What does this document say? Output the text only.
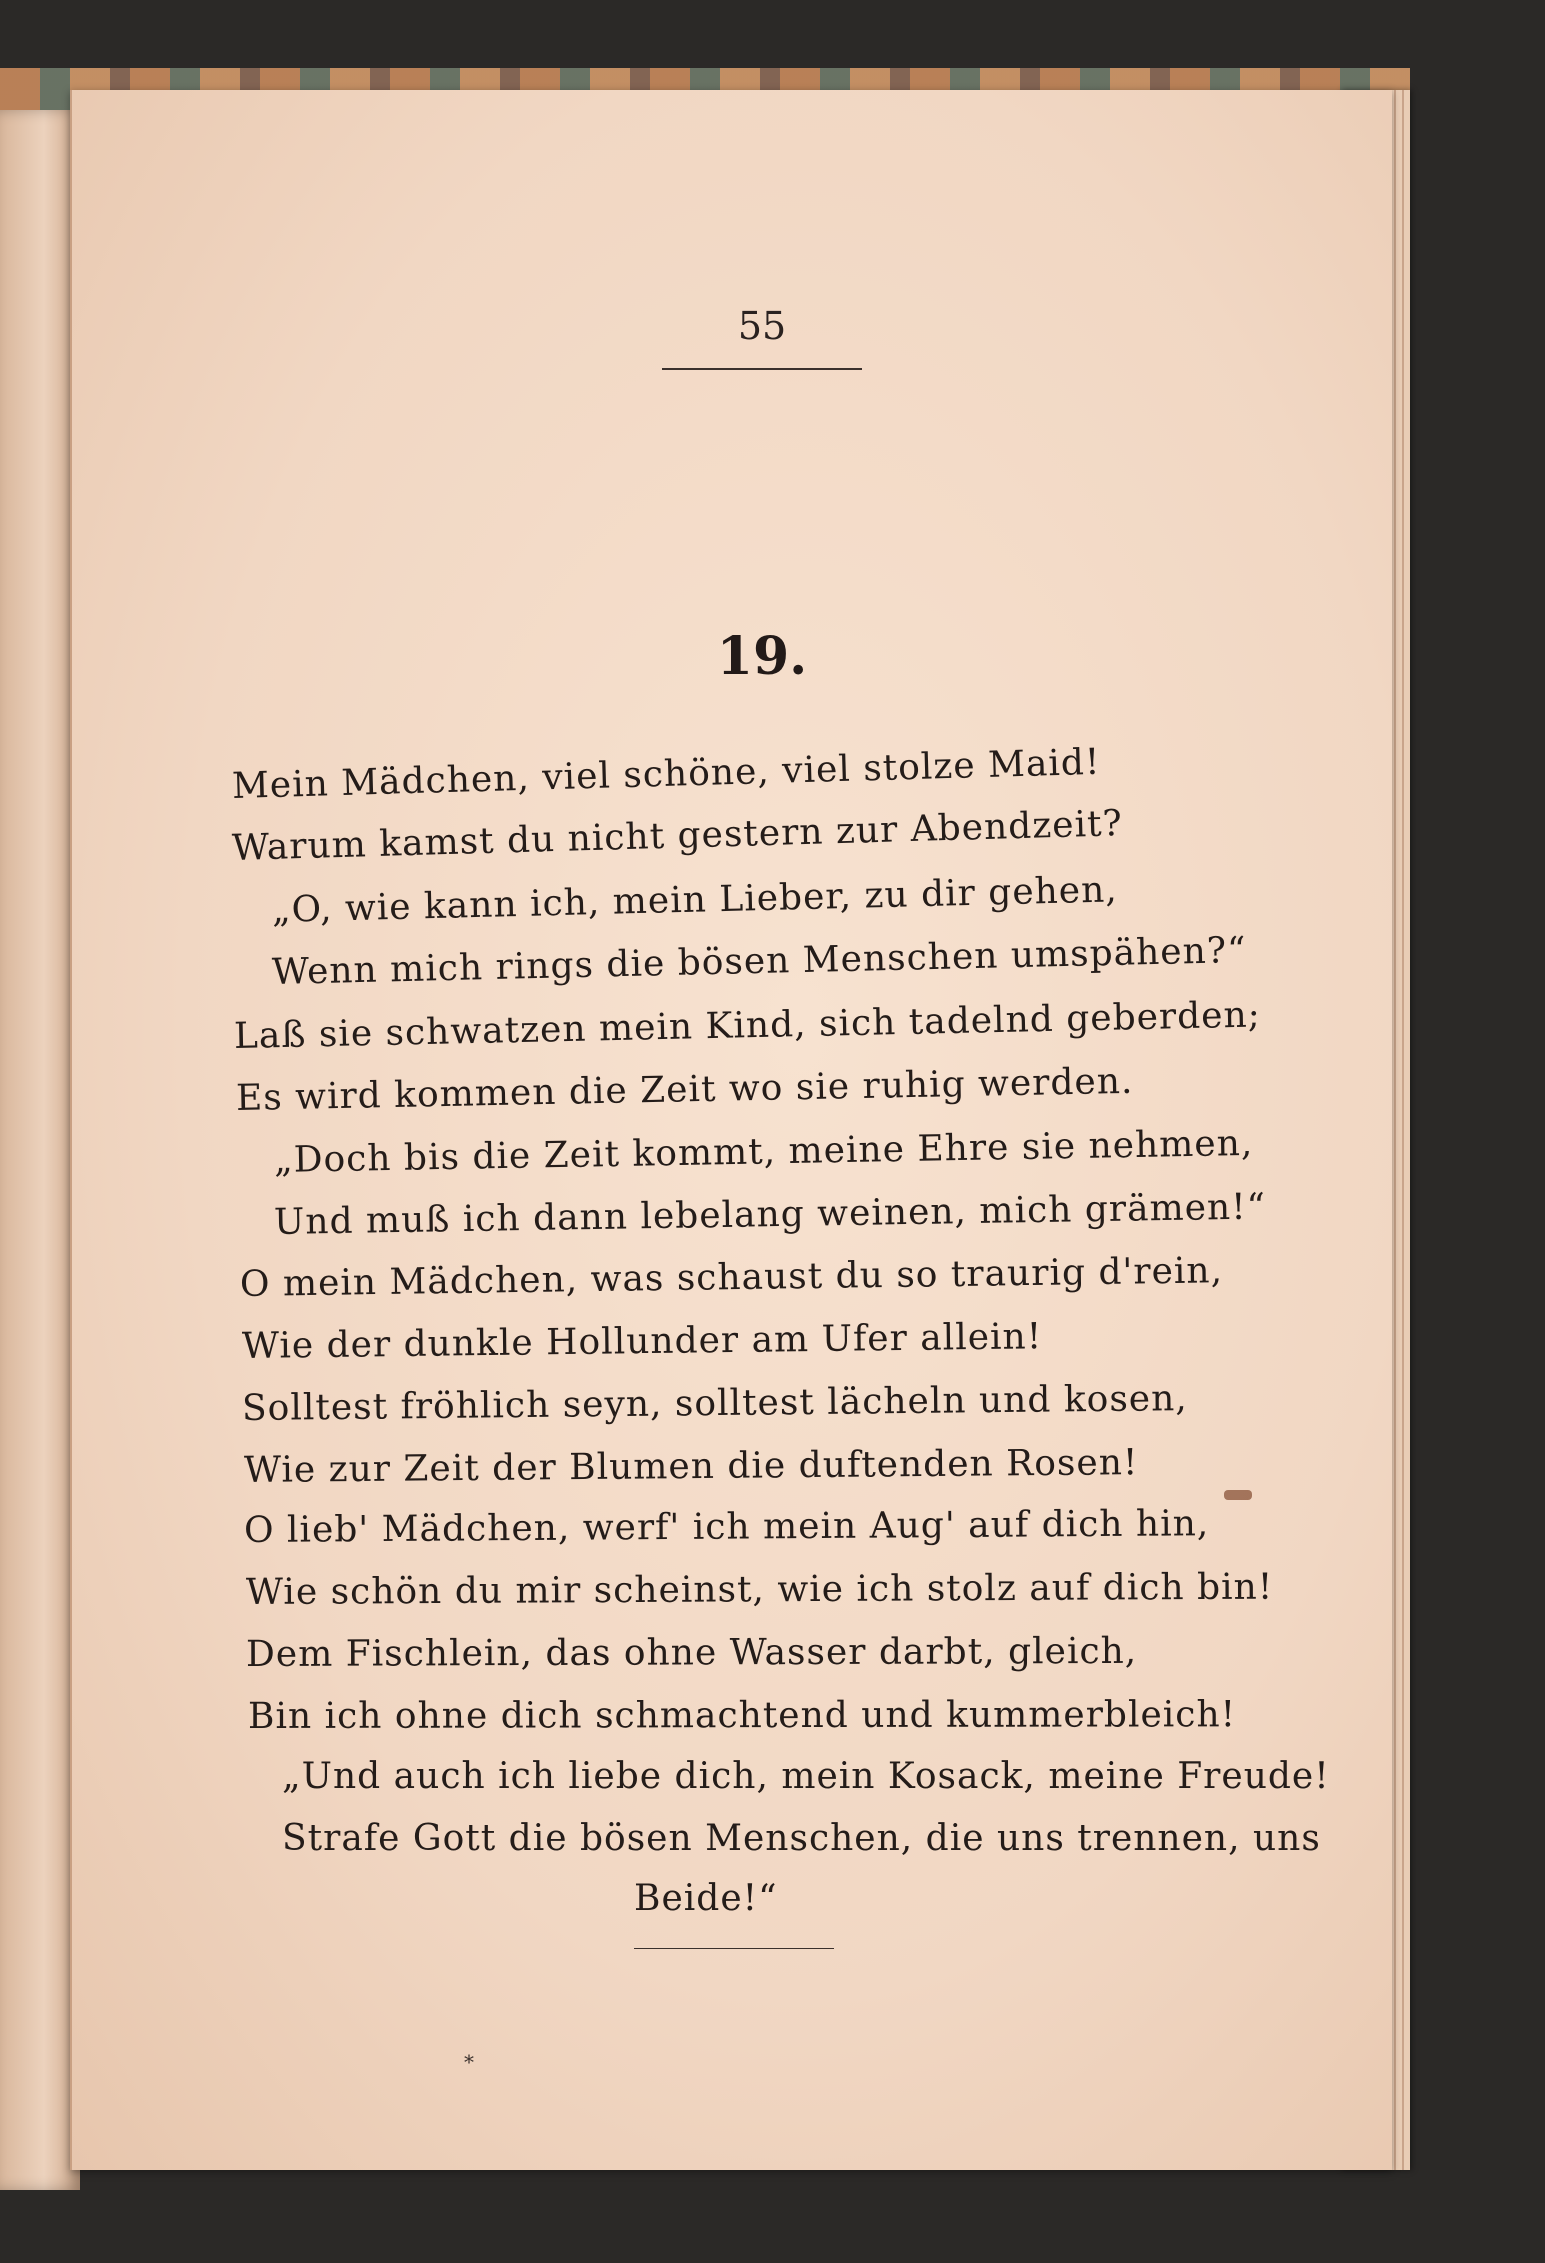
55
19.
Mein Mädchen, viel schöne, viel stolze Maid!
Warum kamst du nicht gestern zur Abendzeit?
„O, wie kann ich, mein Lieber, zu dir gehen,
Wenn mich rings die bösen Menschen umspähen?“
Laß sie schwatzen mein Kind, sich tadelnd geberden;
Es wird kommen die Zeit wo sie ruhig werden.
„Doch bis die Zeit kommt, meine Ehre sie nehmen,
Und muß ich dann lebelang weinen, mich grämen!“
O mein Mädchen, was schaust du so traurig d'rein,
Wie der dunkle Hollunder am Ufer allein!
Solltest fröhlich seyn, solltest lächeln und kosen,
Wie zur Zeit der Blumen die duftenden Rosen!
O lieb' Mädchen, werf' ich mein Aug' auf dich hin,
Wie schön du mir scheinst, wie ich stolz auf dich bin!
Dem Fischlein, das ohne Wasser darbt, gleich,
Bin ich ohne dich schmachtend und kummerbleich!
„Und auch ich liebe dich, mein Kosack, meine Freude!
Strafe Gott die bösen Menschen, die uns trennen, uns
Beide!“
*
